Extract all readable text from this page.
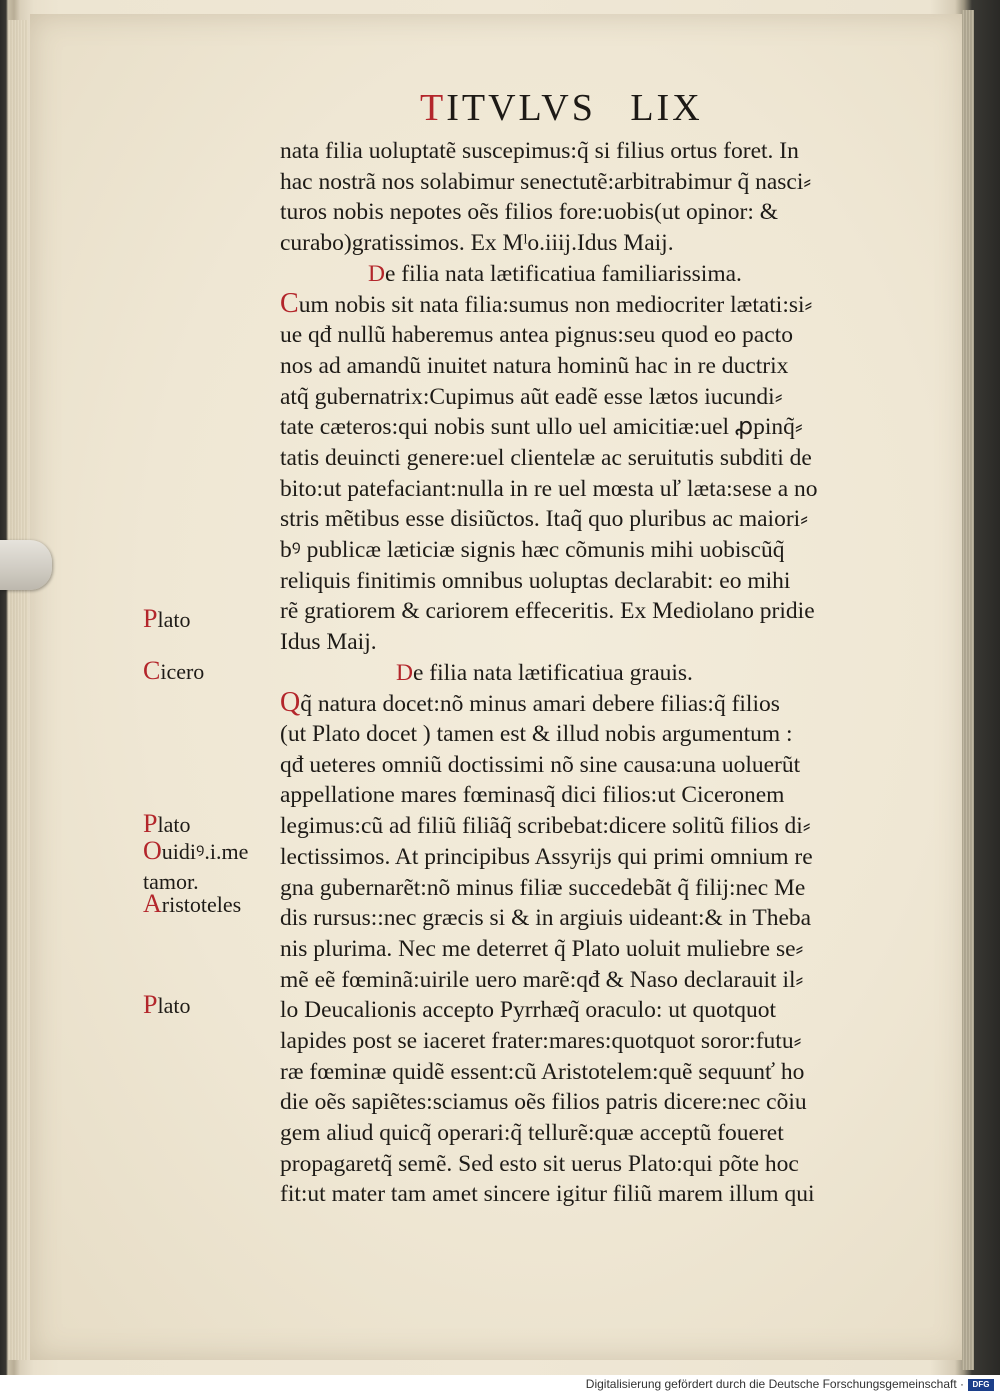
TITVLVS LIX
Plato
Cicero
Plato
Ouidiꝰ.i.me
tamor.
Aristoteles
Plato
nata filia uoluptatẽ suscepimus:q̃ si filius ortus foret. In
hac nostrã nos solabimur senectutẽ:arbitrabimur q̃ nasci⸗
turos nobis nepotes oẽs filios fore:uobis(ut opinor: &
curabo)gratissimos. Ex Mˡo.iiij.Idus Maij.
De filia nata lætificatiua familiarissima.
Cum nobis sit nata filia:sumus non mediocriter lætati:si⸗
ue qđ nullũ haberemus antea pignus:seu quod eo pacto
nos ad amandũ inuitet natura hominũ hac in re ductrix
atq̃ gubernatrix:Cupimus aũt eadẽ esse lætos iucundi⸗
tate cæteros:qui nobis sunt ullo uel amicitiæ:uel ꝓpinq̃⸗
tatis deuincti genere:uel clientelæ ac seruitutis subditi de
bito:ut patefaciant:nulla in re uel mœsta uľ læta:sese a no
stris mẽtibus esse disiũctos. Itaq̃ quo pluribus ac maiori⸗
bꝰ publicæ læticiæ signis hæc cõmunis mihi uobiscũq̃
reliquis finitimis omnibus uoluptas declarabit: eo mihi
rẽ gratiorem & cariorem effeceritis. Ex Mediolano pridie
Idus Maij.
De filia nata lætificatiua grauis.
Qq̃ natura docet:nõ minus amari debere filias:q̃ filios
(ut Plato docet ) tamen est & illud nobis argumentum :
qđ ueteres omniũ doctissimi nõ sine causa:una uoluerũt
appellatione mares fœminasq̃ dici filios:ut Ciceronem
legimus:cũ ad filiũ filiãq̃ scribebat:dicere solitũ filios di⸗
lectissimos. At principibus Assyrijs qui primi omnium re
gna gubernarẽt:nõ minus filiæ succedebãt q̃ filij:nec Me
dis rursus::nec græcis si & in argiuis uideant:& in Theba
nis plurima. Nec me deterret q̃ Plato uoluit muliebre se⸗
mẽ eẽ fœminã:uirile uero marẽ:qđ & Naso declarauit il⸗
lo Deucalionis accepto Pyrrhæq̃ oraculo: ut quotquot
lapides post se iaceret frater:mares:quotquot soror:futu⸗
ræ fœminæ quidẽ essent:cũ Aristotelem:quẽ sequunť ho
die oẽs sapiẽtes:sciamus oẽs filios patris dicere:nec cõiu
gem aliud quicq̃ operari:q̃ tellurẽ:quæ acceptũ foueret
propagaretq̃ semẽ. Sed esto sit uerus Plato:qui põte hoc
fit:ut mater tam amet sincere igitur filiũ marem illum qui
Digitalisierung gefördert durch die Deutsche Forschungsgemeinschaft · DFG
